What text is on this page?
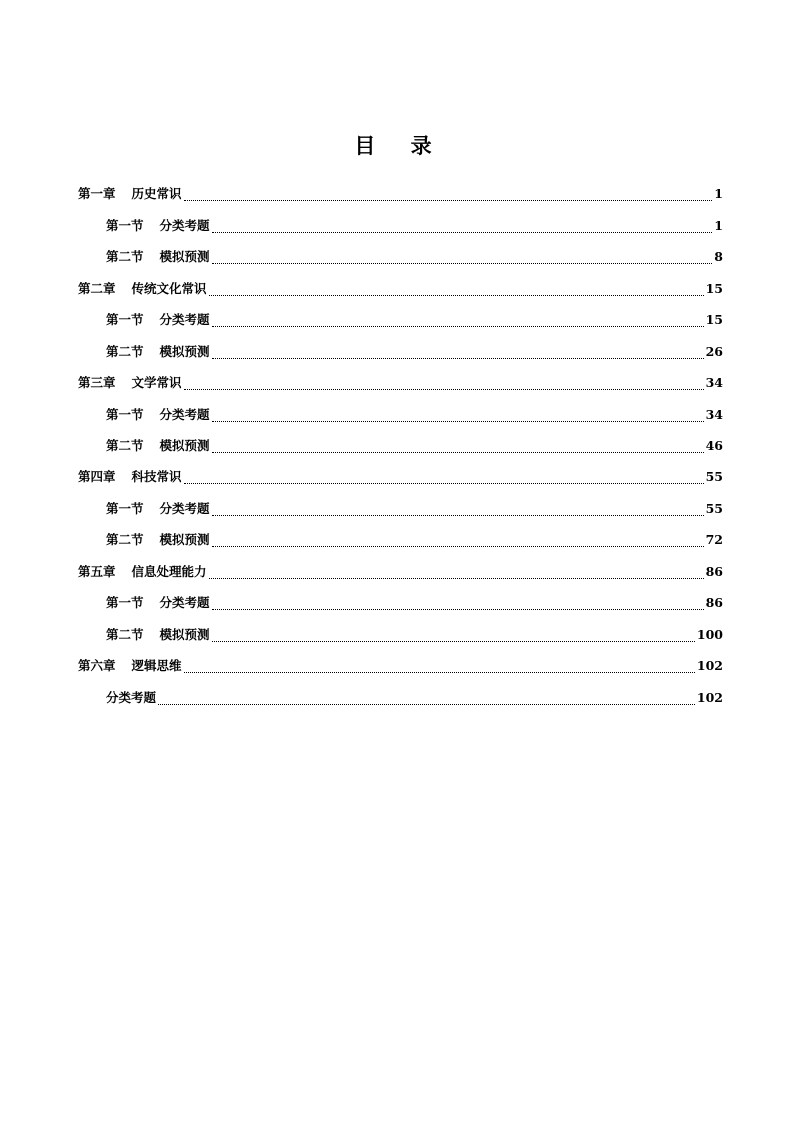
目 录
第一章 历史常识	1
第一节 分类考题	1
第二节 模拟预测	8
第二章 传统文化常识	15
第一节 分类考题	15
第二节 模拟预测	26
第三章 文学常识	34
第一节 分类考题	34
第二节 模拟预测	46
第四章 科技常识	55
第一节 分类考题	55
第二节 模拟预测	72
第五章 信息处理能力	86
第一节 分类考题	86
第二节 模拟预测	100
第六章 逻辑思维	102
分类考题	102
